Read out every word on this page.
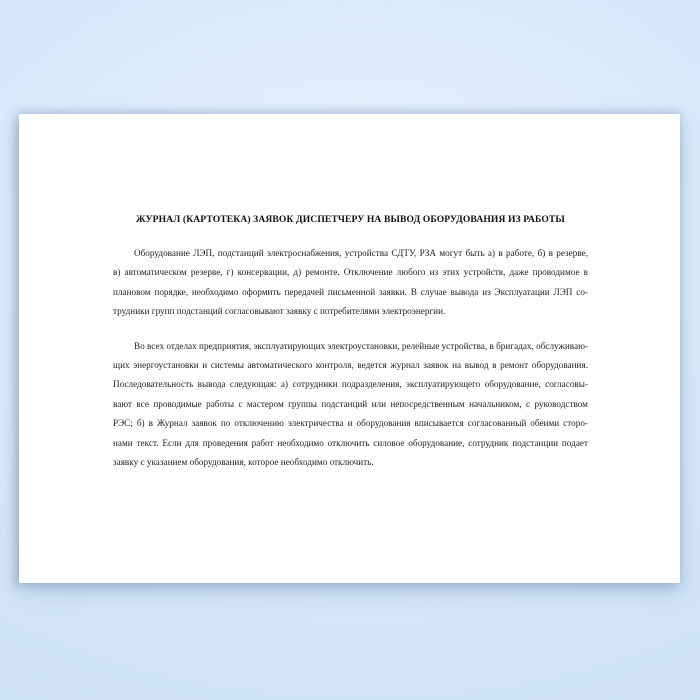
ЖУРНАЛ (КАРТОТЕКА) ЗАЯВОК ДИСПЕТЧЕРУ НА ВЫВОД ОБОРУДОВАНИЯ ИЗ РАБОТЫ
Оборудование ЛЭП, подстанций электроснабжения, устройства СДТУ, РЗА могут быть а) в работе, б) в резерве,
в) автоматическом резерве, г) консервации, д) ремонте. Отключение любого из этих устройств, даже проводимое в
плановом порядке, необходимо оформить передачей письменной заявки. В случае вывода из Эксплуатации ЛЭП со-
трудники групп подстанций согласовывают заявку с потребителями электроэнергии.
Во всех отделах предприятия, эксплуатирующих электроустановки, релейные устройства, в бригадах, обслуживаю-
щих энергоустановки и системы автоматического контроля, ведется журнал заявок на вывод в ремонт оборудования.
Последовательность вывода следующая: а) сотрудники подразделения, эксплуатирующего оборудование, согласовы-
вают все проводимые работы с мастером группы подстанций или непосредственным начальником, с руководством
РЭС; б) в Журнал заявок по отключению электричества и оборудования вписывается согласованный обеими сторо-
нами текст. Если для проведения работ необходимо отключить силовое оборудование, сотрудник подстанции подает
заявку с указанием оборудования, которое необходимо отключить.
